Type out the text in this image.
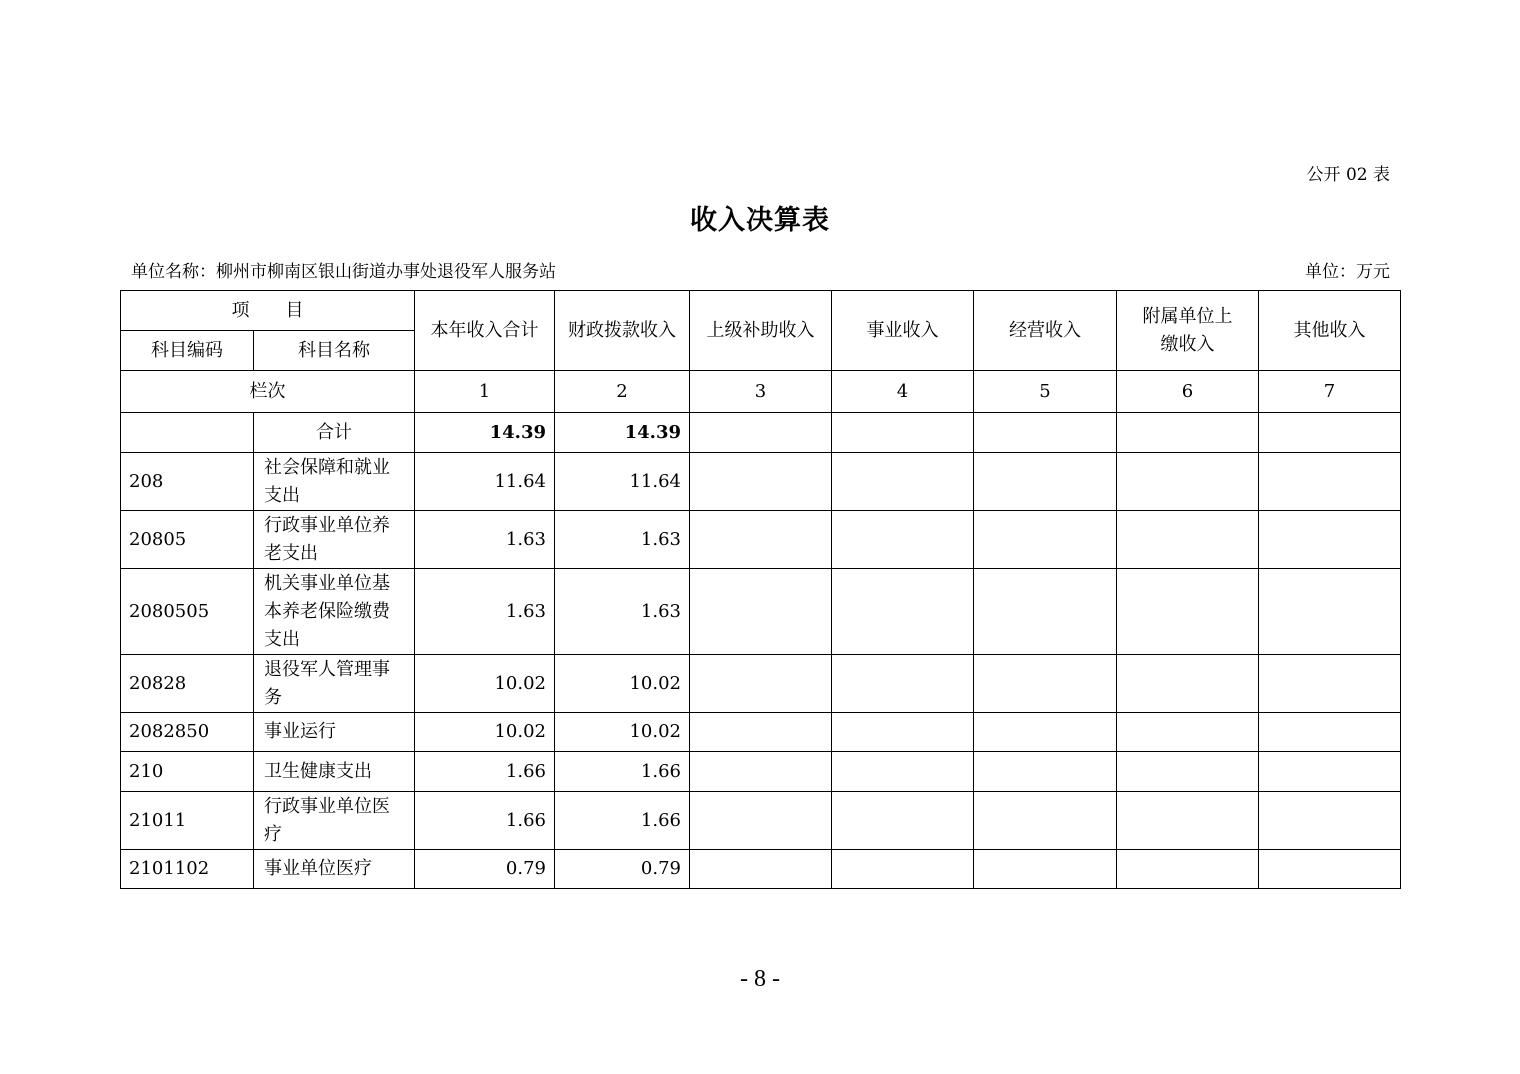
公开 02 表
收入决算表
单位名称：柳州市柳南区银山街道办事处退役军人服务站	单位：万元
项　　目		本年收入合计	财政拨款收入	上级补助收入	事业收入	经营收入	附属单位上缴收入	其他收入
科目编码	科目名称							
栏次		1	2	3	4	5	6	7
	合计	14.39	14.39					
208	社会保障和就业支出	11.64	11.64					
20805	行政事业单位养老支出	1.63	1.63					
2080505	机关事业单位基本养老保险缴费支出	1.63	1.63					
20828	退役军人管理事务	10.02	10.02					
2082850	事业运行	10.02	10.02					
210	卫生健康支出	1.66	1.66					
21011	行政事业单位医疗	1.66	1.66					
2101102	事业单位医疗	0.79	0.79					
- 8 -
